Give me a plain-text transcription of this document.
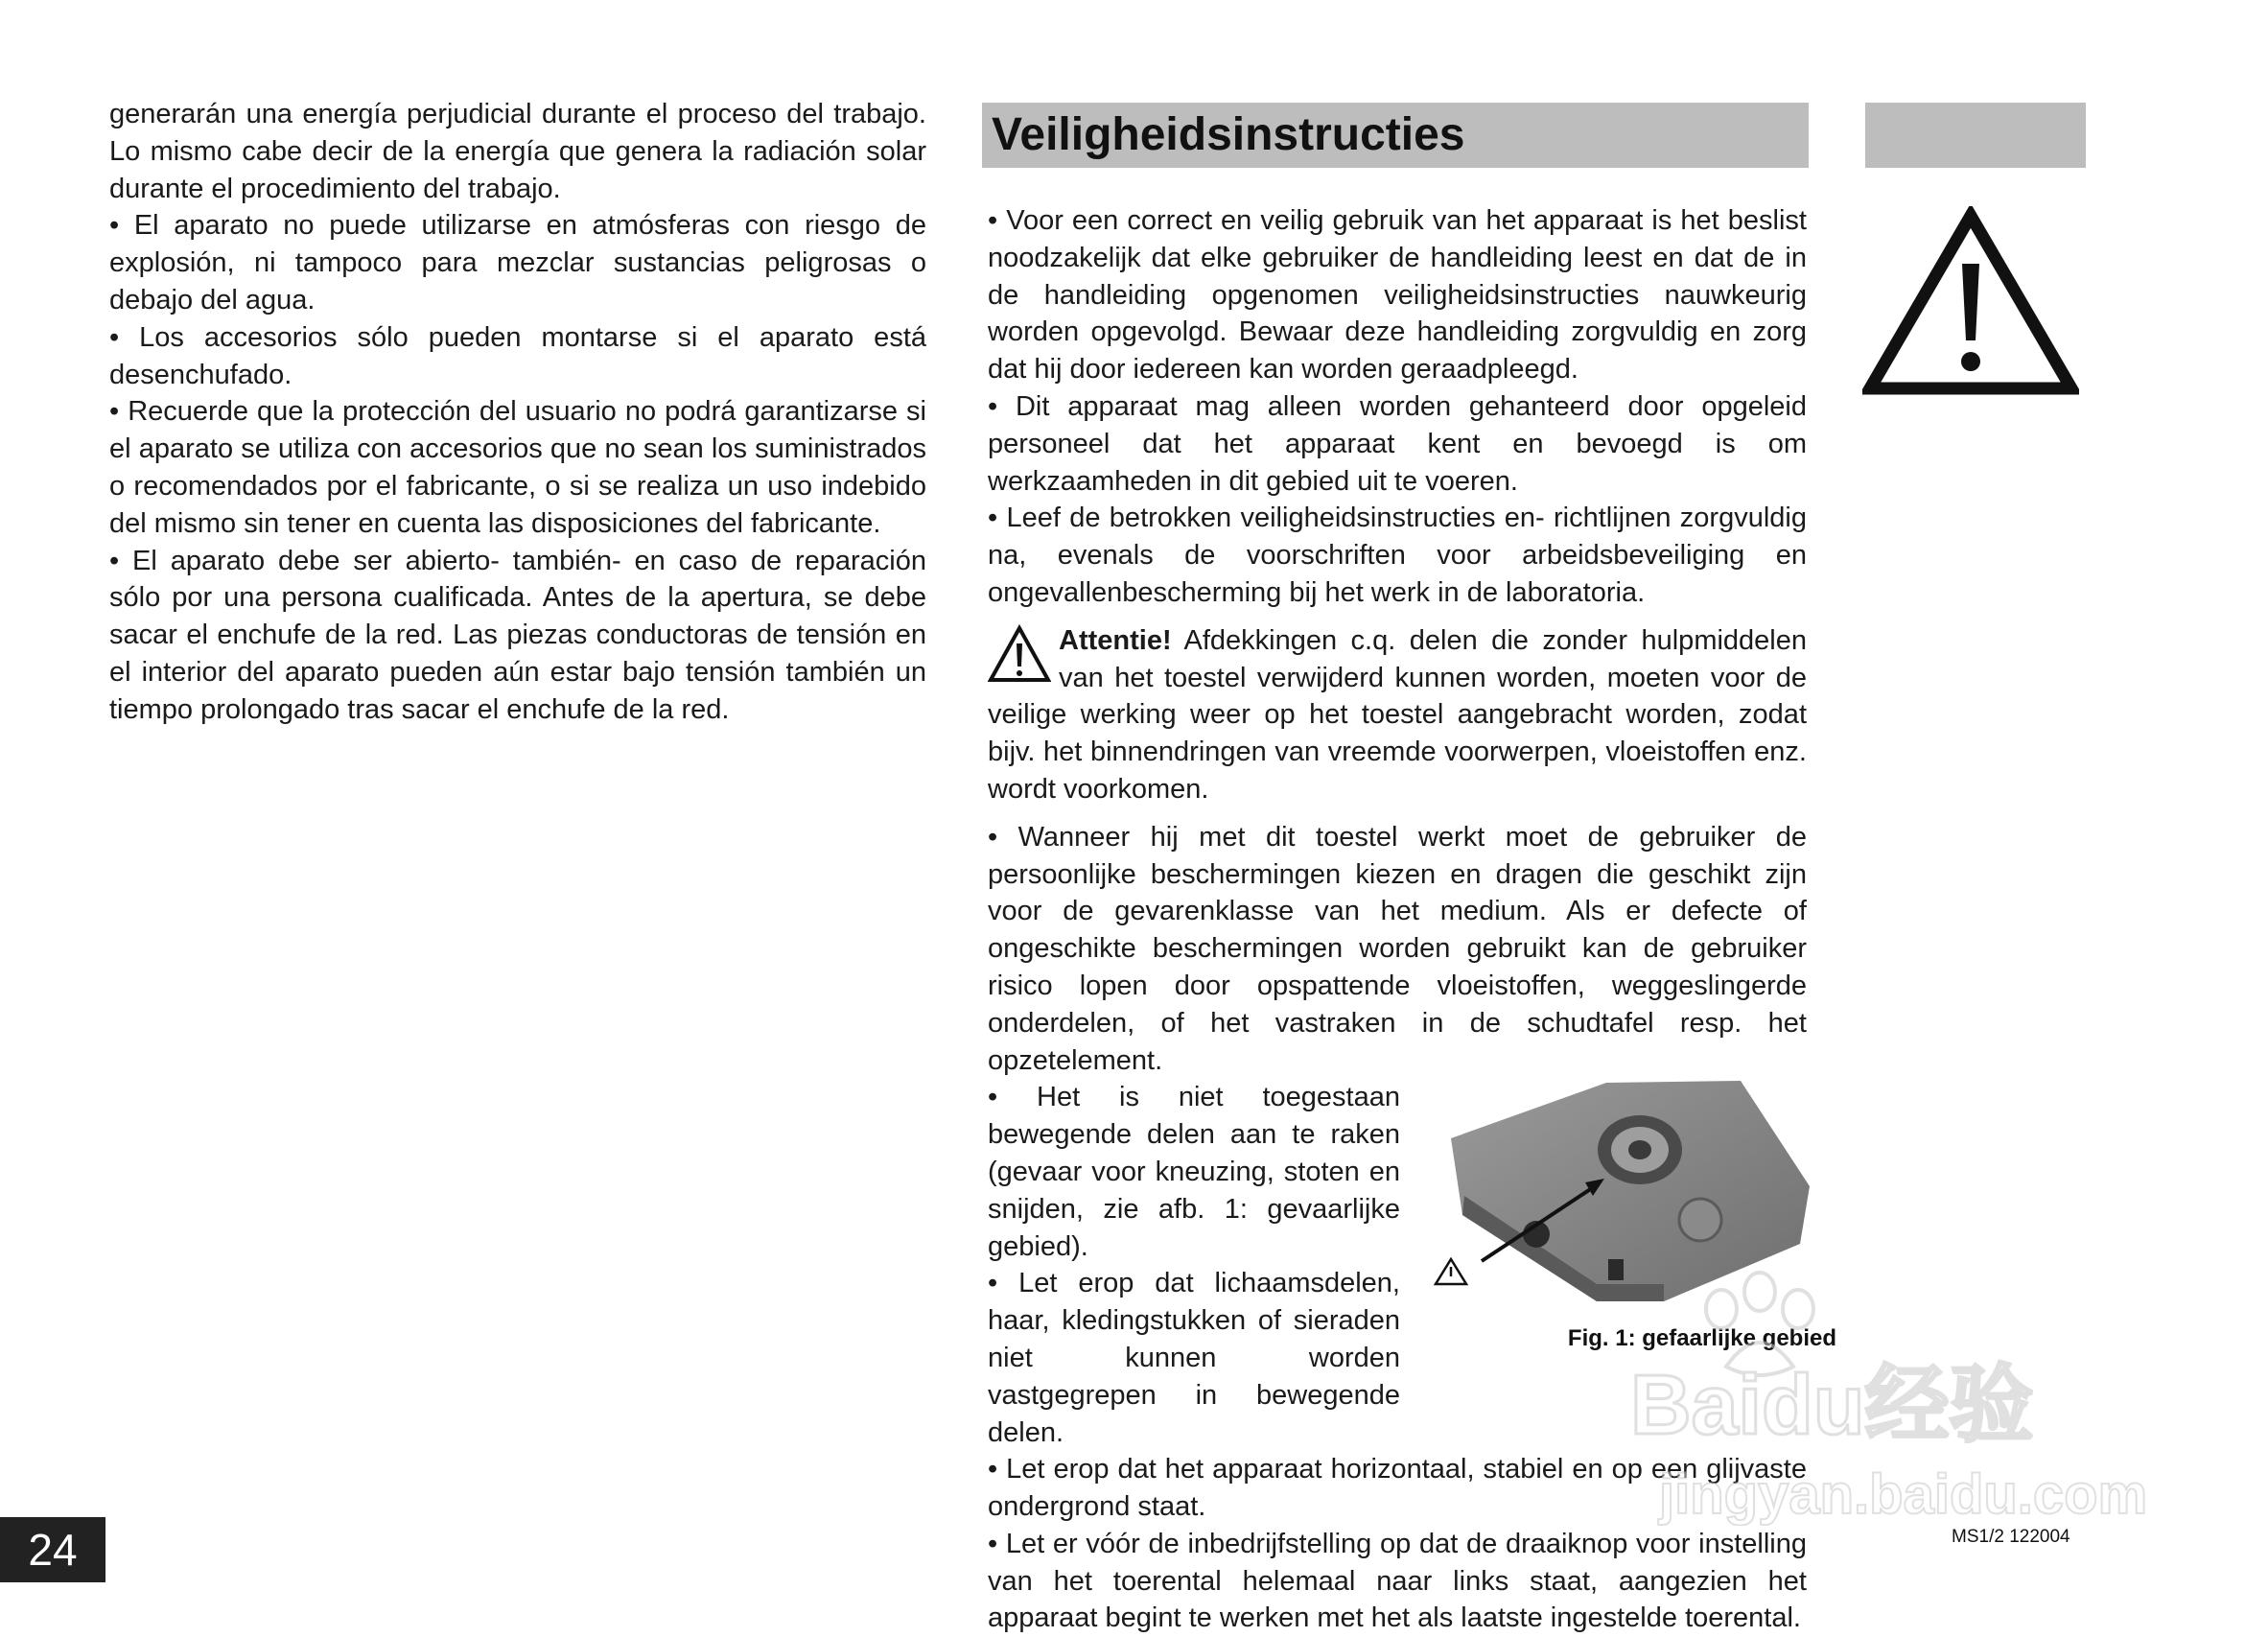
generarán una energía perjudicial durante el proceso del trabajo. Lo mismo cabe decir de la energía que genera la radiación solar durante el procedimiento del trabajo.

• El aparato no puede utilizarse en atmósferas con riesgo de explosión, ni tampoco para mezclar sustancias peligrosas o debajo del agua.

• Los accesorios sólo pueden montarse si el aparato está desenchufado.

• Recuerde que la protección del usuario no podrá garantizarse si el aparato se utiliza con accesorios que no sean los suministrados o recomendados por el fabricante, o si se realiza un uso indebido del mismo sin tener en cuenta las disposiciones del fabricante.

• El aparato debe ser abierto- también- en caso de reparación sólo por una persona cualificada. Antes de la apertura, se debe sacar el enchufe de la red. Las piezas conductoras de tensión en el interior del aparato pueden aún estar bajo tensión también un tiempo prolongado tras sacar el enchufe de la red.

Veiligheidsinstructies

• Voor een correct en veilig gebruik van het apparaat is het beslist noodzakelijk dat elke gebruiker de handleiding leest en dat de in de handleiding opgenomen veiligheidsinstructies nauwkeurig worden opgevolgd. Bewaar deze handleiding zorgvuldig en zorg dat hij door iedereen kan worden geraadpleegd.

• Dit apparaat mag alleen worden gehanteerd door opgeleid personeel dat het apparaat kent en bevoegd is om werkzaamheden in dit gebied uit te voeren.

• Leef de betrokken veiligheidsinstructies en- richtlijnen zorgvuldig na, evenals de voorschriften voor arbeidsbeveiliging en ongevallenbescherming bij het werk in de laboratoria.

Attentie! Afdekkingen c.q. delen die zonder hulpmiddelen van het toestel verwijderd kunnen worden, moeten voor de veilige werking weer op het toestel aangebracht worden, zodat bijv. het binnendringen van vreemde voorwerpen, vloeistoffen enz. wordt voorkomen.

• Wanneer hij met dit toestel werkt moet de gebruiker de persoonlijke beschermingen kiezen en dragen die geschikt zijn voor de gevarenklasse van het medium. Als er defecte of ongeschikte beschermingen worden gebruikt kan de gebruiker risico lopen door opspattende vloeistoffen, weggeslingerde onderdelen, of het vastraken in de schudtafel resp. het opzetelement.

• Het is niet toegestaan bewegende delen aan te raken (gevaar voor kneuzing, stoten en snijden, zie afb. 1: gevaarlijke gebied).

• Let erop dat lichaamsdelen, haar, kledingstukken of sieraden niet kunnen worden vastgegrepen in bewegende delen.

Fig. 1: gefaarlijke gebied

• Let erop dat het apparaat horizontaal, stabiel en op een glijvaste ondergrond staat.

• Let er vóór de inbedrijfstelling op dat de draaiknop voor instelling van het toerental helemaal naar links staat, aangezien het apparaat begint te werken met het als laatste ingestelde toerental.

Baidu经验
jingyan.baidu.com
24	MS1/2 122004
